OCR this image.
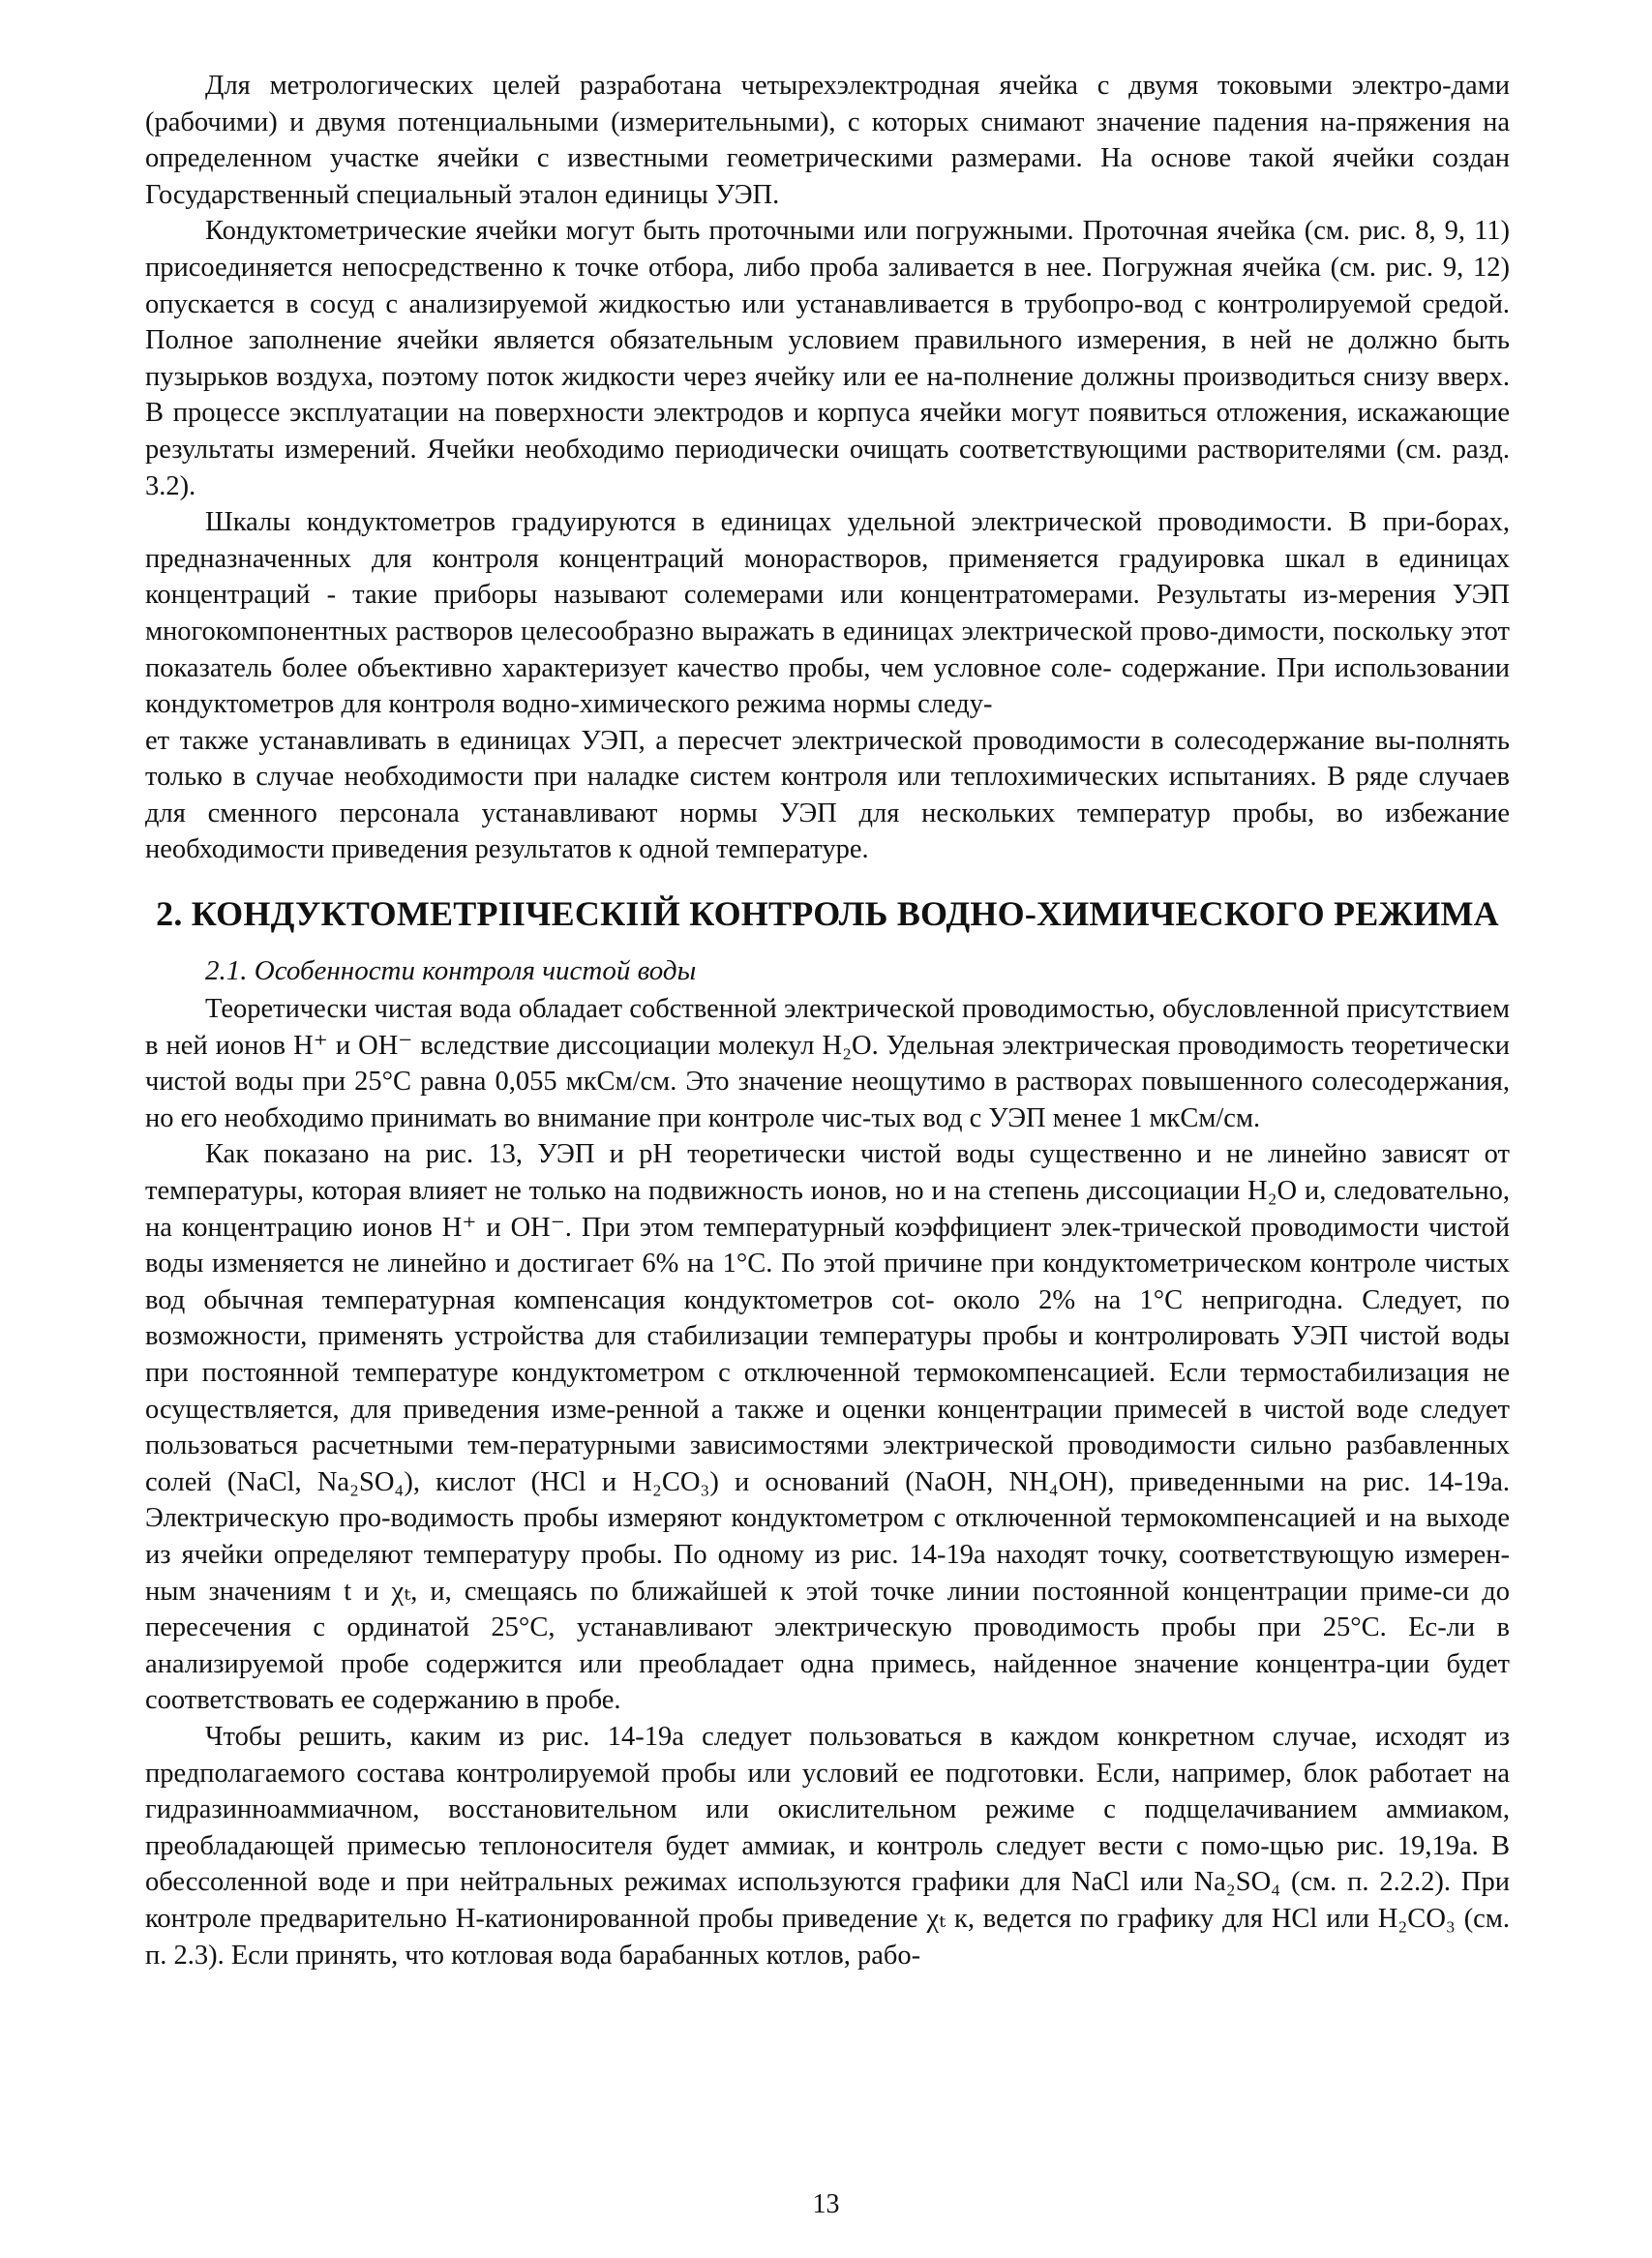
Для метрологических целей разработана четырехэлектродная ячейка с двумя токовыми электро-дами (рабочими) и двумя потенциальными (измерительными), с которых снимают значение падения на-пряжения на определенном участке ячейки с известными геометрическими размерами. На основе такой ячейки создан Государственный специальный эталон единицы УЭП.

Кондуктометрические ячейки могут быть проточными или погружными. Проточная ячейка (см. рис. 8, 9, 11) присоединяется непосредственно к точке отбора, либо проба заливается в нее. Погружная ячейка (см. рис. 9, 12) опускается в сосуд с анализируемой жидкостью или устанавливается в трубопро-вод с контролируемой средой. Полное заполнение ячейки является обязательным условием правильного измерения, в ней не должно быть пузырьков воздуха, поэтому поток жидкости через ячейку или ее на-полнение должны производиться снизу вверх. В процессе эксплуатации на поверхности электродов и корпуса ячейки могут появиться отложения, искажающие результаты измерений. Ячейки необходимо периодически очищать соответствующими растворителями (см. разд. 3.2).

Шкалы кондуктометров градуируются в единицах удельной электрической проводимости. В при-борах, предназначенных для контроля концентраций монорастворов, применяется градуировка шкал в единицах концентраций - такие приборы называют солемерами или концентратомерами. Результаты из-мерения УЭП многокомпонентных растворов целесообразно выражать в единицах электрической прово-димости, поскольку этот показатель более объективно характеризует качество пробы, чем условное соле- содержание. При использовании кондуктометров для контроля водно-химического режима нормы следу-

ет также устанавливать в единицах УЭП, а пересчет электрической проводимости в солесодержание вы-полнять только в случае необходимости при наладке систем контроля или теплохимических испытаниях. В ряде случаев для сменного персонала устанавливают нормы УЭП для нескольких температур пробы, во избежание необходимости приведения результатов к одной температуре.

2. КОНДУКТОМЕТРIIЧЕСКIIЙ КОНТРОЛЬ ВОДНО-ХИМИЧЕСКОГО РЕЖИМА
2.1. Особенности контроля чистой воды

Теоретически чистая вода обладает собственной электрической проводимостью, обусловленной присутствием в ней ионов H⁺ и OH⁻ вследствие диссоциации молекул H₂O. Удельная электрическая проводимость теоретически чистой воды при 25°С равна 0,055 мкСм/см. Это значение неощутимо в растворах повышенного солесодержания, но его необходимо принимать во внимание при контроле чис-тых вод с УЭП менее 1 мкСм/см.

Как показано на рис. 13, УЭП и pH теоретически чистой воды существенно и не линейно зависят от температуры, которая влияет не только на подвижность ионов, но и на степень диссоциации H₂O и, следовательно, на концентрацию ионов H⁺ и OH⁻. При этом температурный коэффициент элек-трической проводимости чистой воды изменяется не линейно и достигает 6% на 1°С. По этой причине при кондуктометрическом контроле чистых вод обычная температурная компенсация кондуктометров cot- около 2% на 1°С непригодна. Следует, по возможности, применять устройства для стабилизации температуры пробы и контролировать УЭП чистой воды при постоянной температуре кондуктометром с отключенной термокомпенсацией. Если термостабилизация не осуществляется, для приведения изме-ренной а также и оценки концентрации примесей в чистой воде следует пользоваться расчетными тем-пературными зависимостями электрической проводимости сильно разбавленных солей (NaCl, Na₂SO₄), кислот (HCl и H₂CO₃) и оснований (NaOH, NH₄OH), приведенными на рис. 14-19а. Электрическую про-водимость пробы измеряют кондуктометром с отключенной термокомпенсацией и на выходе из ячейки определяют температуру пробы. По одному из рис. 14-19а находят точку, соответствующую измерен-ным значениям t и χₜ, и, смещаясь по ближайшей к этой точке линии постоянной концентрации приме-си до пересечения с ординатой 25°С, устанавливают электрическую проводимость пробы при 25°С. Ес-ли в анализируемой пробе содержится или преобладает одна примесь, найденное значение концентра-ции будет соответствовать ее содержанию в пробе.

Чтобы решить, каким из рис. 14-19а следует пользоваться в каждом конкретном случае, исходят из предполагаемого состава контролируемой пробы или условий ее подготовки. Если, например, блок работает на гидразинноаммиачном, восстановительном или окислительном режиме с подщелачиванием аммиаком, преобладающей примесью теплоносителя будет аммиак, и контроль следует вести с помо-щью рис. 19,19а. В обессоленной воде и при нейтральных режимах используются графики для NaCl или Na₂SO₄ (см. п. 2.2.2). При контроле предварительно Н-катионированной пробы приведение χₜ к, ведется по графику для HCl или H₂CO₃ (см. п. 2.3). Если принять, что котловая вода барабанных котлов, рабо-

13
